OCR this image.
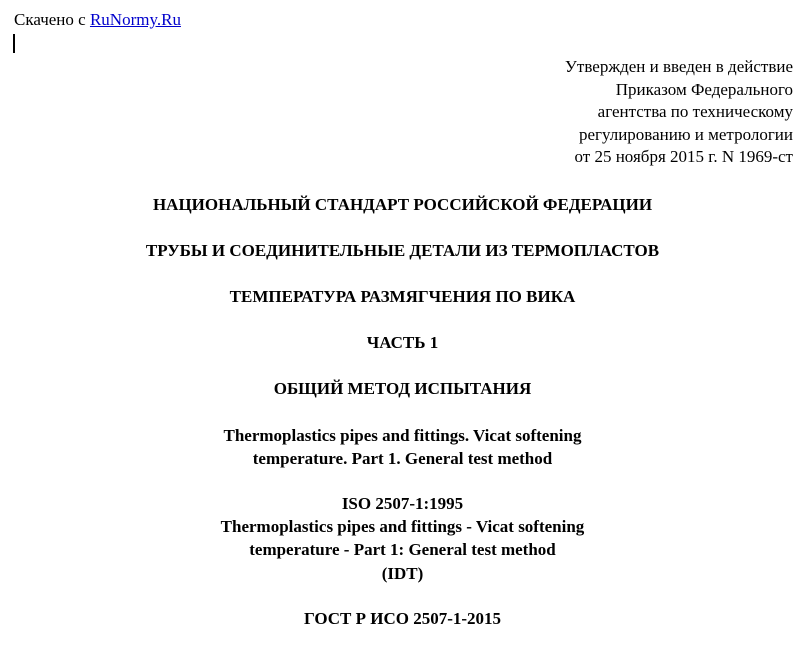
Скачено с RuNormy.Ru
Утвержден и введен в действие
Приказом Федерального
агентства по техническому
регулированию и метрологии
от 25 ноября 2015 г. N 1969-ст
НАЦИОНАЛЬНЫЙ СТАНДАРТ РОССИЙСКОЙ ФЕДЕРАЦИИ
ТРУБЫ И СОЕДИНИТЕЛЬНЫЕ ДЕТАЛИ ИЗ ТЕРМОПЛАСТОВ
ТЕМПЕРАТУРА РАЗМЯГЧЕНИЯ ПО ВИКА
ЧАСТЬ 1
ОБЩИЙ МЕТОД ИСПЫТАНИЯ
Thermoplastics pipes and fittings. Vicat softening
temperature. Part 1. General test method
ISO 2507-1:1995
Thermoplastics pipes and fittings - Vicat softening
temperature - Part 1: General test method
(IDT)
ГОСТ Р ИСО 2507-1-2015
